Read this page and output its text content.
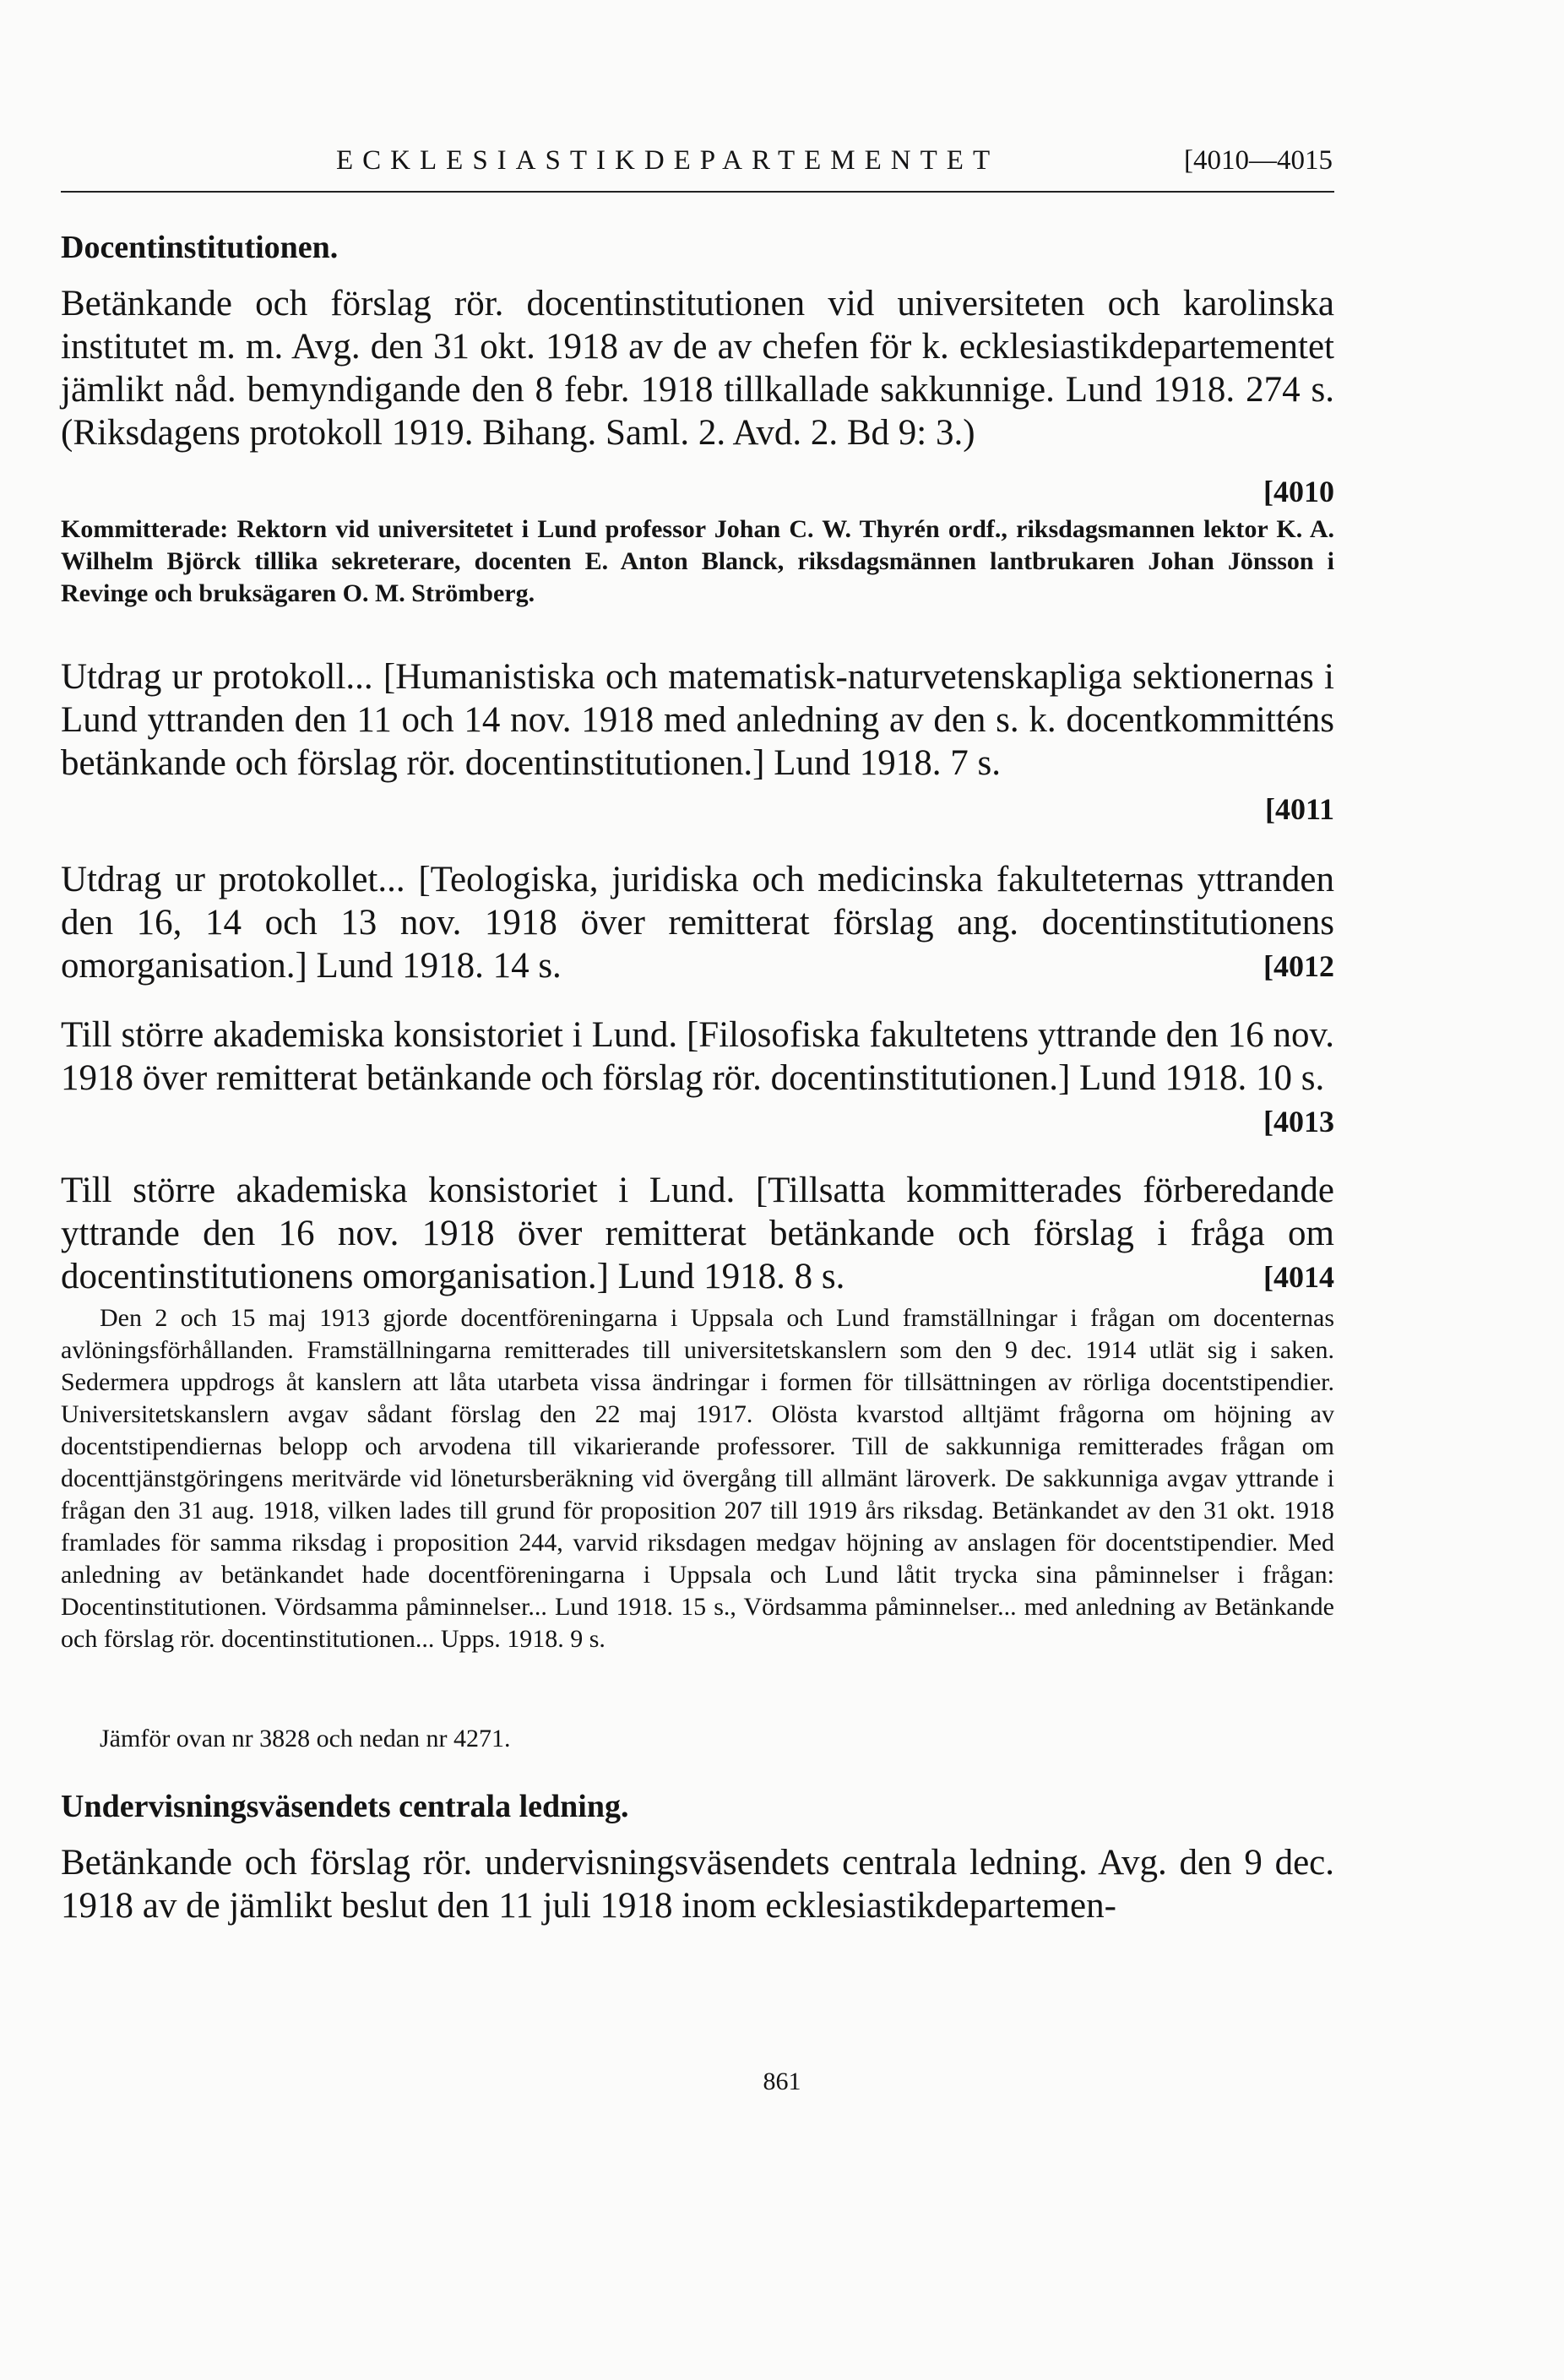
ECKLESIASTIKDEPARTEMENTET	[4010—4015
Docentinstitutionen.

Betänkande och förslag rör. docentinstitutionen vid universiteten och karolinska institutet m. m. Avg. den 31 okt. 1918 av de av chefen för k. ecklesiastikdepartementet jämlikt nåd. bemyndigande den 8 febr. 1918 tillkallade sakkunnige. Lund 1918. 274 s. (Riksdagens protokoll 1919. Bihang. Saml. 2. Avd. 2. Bd 9: 3.)

[4010

Kommitterade: Rektorn vid universitetet i Lund professor Johan C. W. Thyrén ordf., riksdagsmannen lektor K. A. Wilhelm Björck tillika sekreterare, docenten E. Anton Blanck, riksdagsmännen lantbrukaren Johan Jönsson i Revinge och bruksägaren O. M. Strömberg.

Utdrag ur protokoll... [Humanistiska och matematisk-naturvetenskapliga sektionernas i Lund yttranden den 11 och 14 nov. 1918 med anledning av den s. k. docentkommitténs betänkande och förslag rör. docentinstitutionen.] Lund 1918. 7 s.

[4011

Utdrag ur protokollet... [Teologiska, juridiska och medicinska fakulteternas yttranden den 16, 14 och 13 nov. 1918 över remitterat förslag ang. docentinstitutionens omorganisation.] Lund 1918. 14 s.	[4012

Till större akademiska konsistoriet i Lund. [Filosofiska fakultetens yttrande den 16 nov. 1918 över remitterat betänkande och förslag rör. docentinstitutionen.] Lund 1918. 10 s.

[4013

Till större akademiska konsistoriet i Lund. [Tillsatta kommitterades förberedande yttrande den 16 nov. 1918 över remitterat betänkande och förslag i fråga om docentinstitutionens omorganisation.] Lund 1918. 8 s.	[4014

Den 2 och 15 maj 1913 gjorde docentföreningarna i Uppsala och Lund framställningar i frågan om docenternas avlöningsförhållanden. Framställningarna remitterades till universitetskanslern som den 9 dec. 1914 utlät sig i saken. Sedermera uppdrogs åt kanslern att låta utarbeta vissa ändringar i formen för tillsättningen av rörliga docentstipendier. Universitetskanslern avgav sådant förslag den 22 maj 1917. Olösta kvarstod alltjämt frågorna om höjning av docentstipendiernas belopp och arvodena till vikarierande professorer. Till de sakkunniga remitterades frågan om docenttjänstgöringens meritvärde vid lönetursberäkning vid övergång till allmänt läroverk. De sakkunniga avgav yttrande i frågan den 31 aug. 1918, vilken lades till grund för proposition 207 till 1919 års riksdag. Betänkandet av den 31 okt. 1918 framlades för samma riksdag i proposition 244, varvid riksdagen medgav höjning av anslagen för docentstipendier. Med anledning av betänkandet hade docentföreningarna i Uppsala och Lund låtit trycka sina påminnelser i frågan: Docentinstitutionen. Vördsamma påminnelser... Lund 1918. 15 s., Vördsamma påminnelser... med anledning av Betänkande och förslag rör. docentinstitutionen... Upps. 1918. 9 s.

Jämför ovan nr 3828 och nedan nr 4271.

Undervisningsväsendets centrala ledning.

Betänkande och förslag rör. undervisningsväsendets centrala ledning. Avg. den 9 dec. 1918 av de jämlikt beslut den 11 juli 1918 inom ecklesiastikdepartemen-

861
